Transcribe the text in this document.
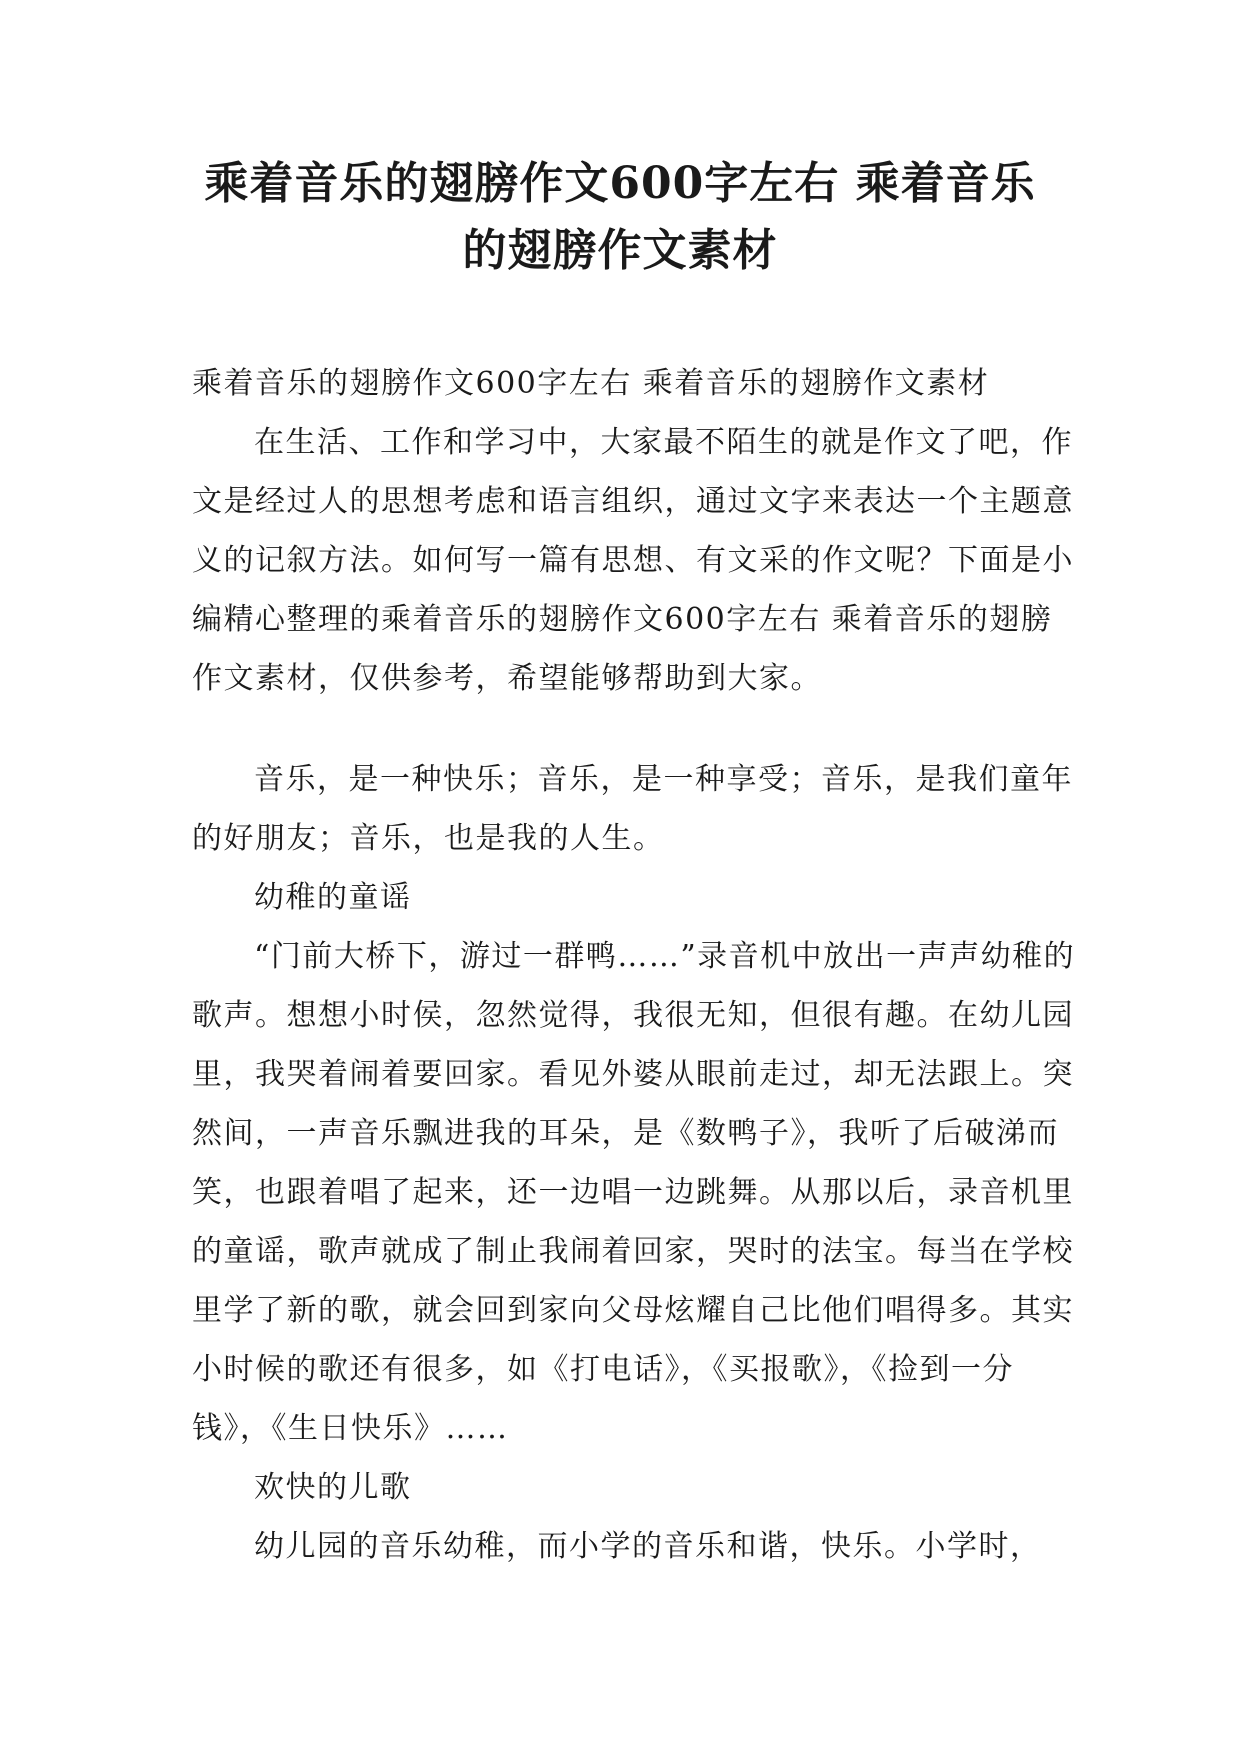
乘着音乐的翅膀作文600字左右 乘着音乐
的翅膀作文素材

乘着音乐的翅膀作文600字左右 乘着音乐的翅膀作文素材

在生活、工作和学习中，大家最不陌生的就是作文了吧，作文是经过人的思想考虑和语言组织，通过文字来表达一个主题意义的记叙方法。如何写一篇有思想、有文采的作文呢？下面是小编精心整理的乘着音乐的翅膀作文600字左右 乘着音乐的翅膀作文素材，仅供参考，希望能够帮助到大家。

音乐，是一种快乐；音乐，是一种享受；音乐，是我们童年的好朋友；音乐，也是我的人生。

幼稚的童谣

“门前大桥下，游过一群鸭……”录音机中放出一声声幼稚的歌声。想想小时侯，忽然觉得，我很无知，但很有趣。在幼儿园里，我哭着闹着要回家。看见外婆从眼前走过，却无法跟上。突然间，一声音乐飘进我的耳朵，是《数鸭子》，我听了后破涕而笑，也跟着唱了起来，还一边唱一边跳舞。从那以后，录音机里的童谣，歌声就成了制止我闹着回家，哭时的法宝。每当在学校里学了新的歌，就会回到家向父母炫耀自己比他们唱得多。其实小时候的歌还有很多，如《打电话》，《买报歌》，《捡到一分钱》，《生日快乐》……

欢快的儿歌

幼儿园的音乐幼稚，而小学的音乐和谐，快乐。小学时，
